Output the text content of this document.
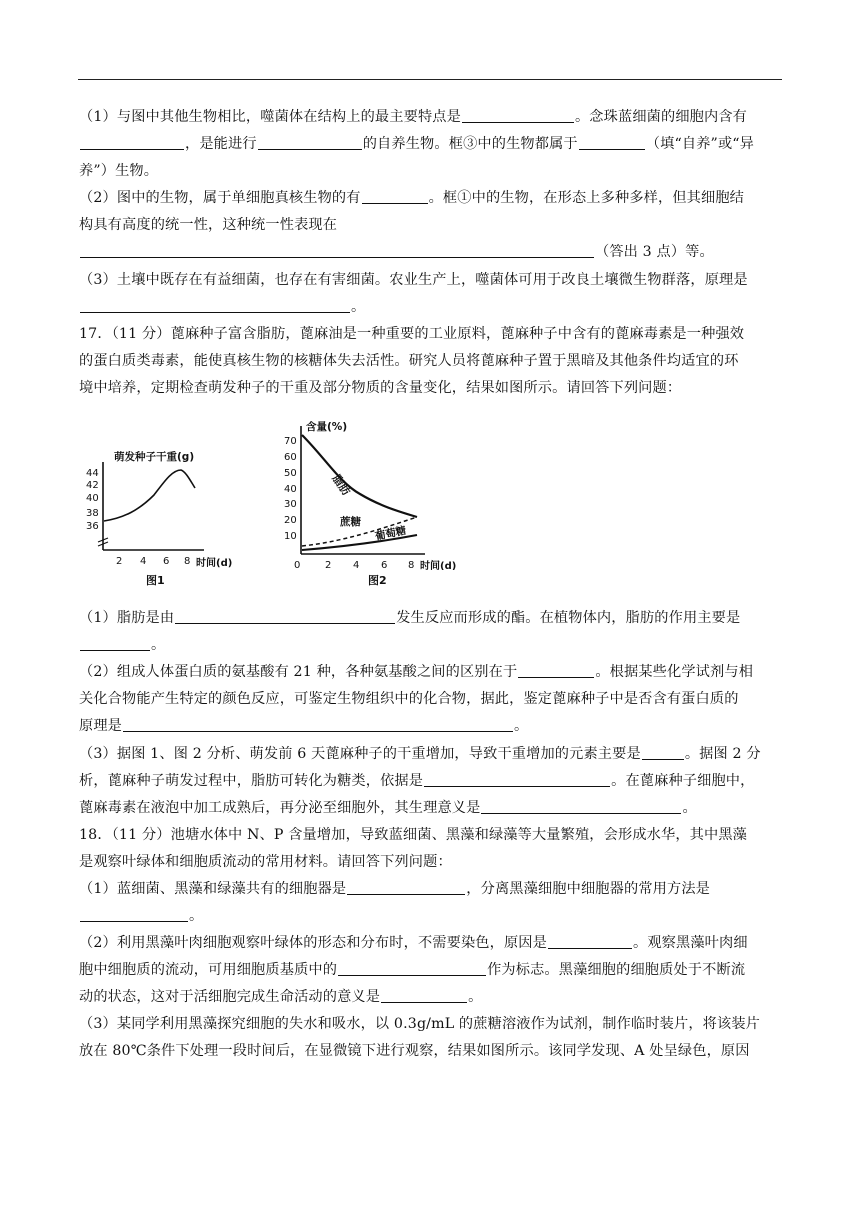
（1）与图中其他生物相比，噬菌体在结构上的最主要特点是	。念珠蓝细菌的细胞内含有
，是能进行	的自养生物。框③中的生物都属于	（填“自养”或“异
养”）生物。
（2）图中的生物，属于单细胞真核生物的有	。框①中的生物，在形态上多种多样，但其细胞结
构具有高度的统一性，这种统一性表现在
（答出 3 点）等。
（3）土壤中既存在有益细菌，也存在有害细菌。农业生产上，噬菌体可用于改良土壤微生物群落，原理是
。
17．（11 分）蓖麻种子富含脂肪，蓖麻油是一种重要的工业原料，蓖麻种子中含有的蓖麻毒素是一种强效
的蛋白质类毒素，能使真核生物的核糖体失去活性。研究人员将蓖麻种子置于黑暗及其他条件均适宜的环
境中培养，定期检查萌发种子的干重及部分物质的含量变化，结果如图所示。请回答下列问题：
萌发种子干重(g)
44
42
40
38
36
2 4 6 8 时间(d)
图1
含量(%)
70
60
50
40
30
20
10
脂肪
蔗糖
葡萄糖
0 2 4 6 8 时间(d)
图2
（1）脂肪是由	发生反应而形成的酯。在植物体内，脂肪的作用主要是
。
（2）组成人体蛋白质的氨基酸有 21 种，各种氨基酸之间的区别在于	。根据某些化学试剂与相
关化合物能产生特定的颜色反应，可鉴定生物组织中的化合物，据此，鉴定蓖麻种子中是否含有蛋白质的
原理是	。
（3）据图 1、图 2 分析、萌发前 6 天蓖麻种子的干重增加，导致干重增加的元素主要是	。据图 2 分
析，蓖麻种子萌发过程中，脂肪可转化为糖类，依据是	。在蓖麻种子细胞中，
蓖麻毒素在液泡中加工成熟后，再分泌至细胞外，其生理意义是	。
18．（11 分）池塘水体中 N、P 含量增加，导致蓝细菌、黑藻和绿藻等大量繁殖，会形成水华，其中黑藻
是观察叶绿体和细胞质流动的常用材料。请回答下列问题：
（1）蓝细菌、黑藻和绿藻共有的细胞器是	，分离黑藻细胞中细胞器的常用方法是
。
（2）利用黑藻叶肉细胞观察叶绿体的形态和分布时，不需要染色，原因是	。观察黑藻叶肉细
胞中细胞质的流动，可用细胞质基质中的	作为标志。黑藻细胞的细胞质处于不断流
动的状态，这对于活细胞完成生命活动的意义是	。
（3）某同学利用黑藻探究细胞的失水和吸水，以 0.3g/mL 的蔗糖溶液作为试剂，制作临时装片，将该装片
放在 80℃条件下处理一段时间后，在显微镜下进行观察，结果如图所示。该同学发现、A 处呈绿色，原因
